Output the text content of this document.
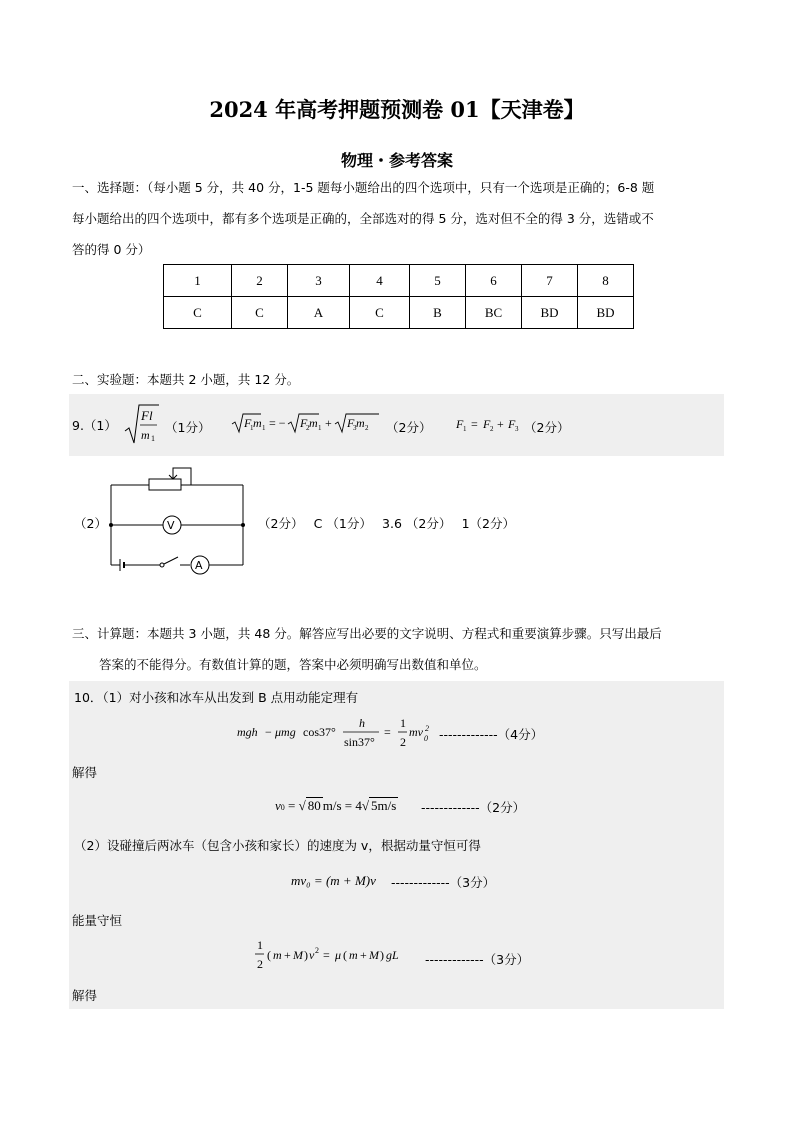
2024 年高考押题预测卷 01【天津卷】
物理・参考答案
一、选择题：（每小题 5 分，共 40 分，1-5 题每小题给出的四个选项中，只有一个选项是正确的；6-8 题
每小题给出的四个选项中，都有多个选项是正确的，全部选对的得 5 分，选对但不全的得 3 分，选错或不
答的得 0 分）
1	2	3	4	5	6	7	8
C	C	A	C	B	BC	BD	BD
二、实验题：本题共 2 小题，共 12 分。
9.（1）
Fl
m 1
（1分）	F
1 m 1 = − F
2 m 1 + F
3 m 2 （2分） F 1 = F 2 + F 3 （2分）
（2）	V
A
（2分）　 C （1分）　 3.6 （2分）　 1（2分）
三、计算题：本题共 3 小题，共 48 分。解答应写出必要的文字说明、方程式和重要演算步骤。只写出最后
答案的不能得分。有数值计算的题，答案中必须明确写出数值和单位。
10．（1）对小孩和冰车从出发到 B 点用动能定理有
mgh − μmg cos37°
h
sin37°
=
1
2
mv $^2$0 -------------（4分）
解得
v0 = √ 80 m/s = 4√ 5m/s -------------（2分）
（2）设碰撞后两冰车（包含小孩和家长）的速度为 v，根据动量守恒可得
mv₀ = (m + M)v -------------（3分）
能量守恒
1
2
( m + M ) v 2 = μ ( m + M ) gL -------------（3分）
解得
